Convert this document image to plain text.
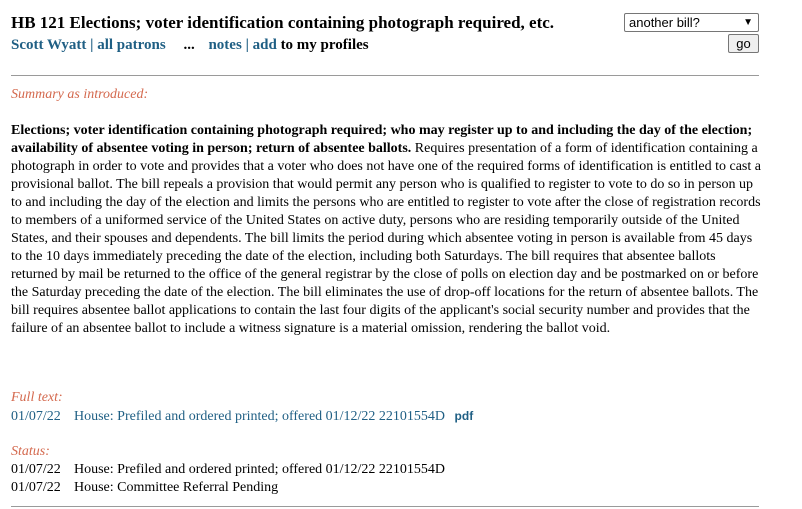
HB 121 Elections; voter identification containing photograph required, etc.
Scott Wyatt | all patrons ... notes | add to my profiles
another bill?	▼
go

Summary as introduced:

Elections; voter identification containing photograph required; who may register up to and including the day of the election; availability of absentee voting in person; return of absentee ballots. Requires presentation of a form of identification containing a photograph in order to vote and provides that a voter who does not have one of the required forms of identification is entitled to cast a provisional ballot. The bill repeals a provision that would permit any person who is qualified to register to vote to do so in person up to and including the day of the election and limits the persons who are entitled to register to vote after the close of registration records to members of a uniformed service of the United States on active duty, persons who are residing temporarily outside of the United States, and their spouses and dependents. The bill limits the period during which absentee voting in person is available from 45 days to the 10 days immediately preceding the date of the election, including both Saturdays. The bill requires that absentee ballots returned by mail be returned to the office of the general registrar by the close of polls on election day and be postmarked on or before the Saturday preceding the date of the election. The bill eliminates the use of drop-off locations for the return of absentee ballots. The bill requires absentee ballot applications to contain the last four digits of the applicant's social security number and provides that the failure of an absentee ballot to include a witness signature is a material omission, rendering the ballot void.

Full text:

01/07/22 House: Prefiled and ordered printed; offered 01/12/22 22101554D pdf

Status:

01/07/22 House: Prefiled and ordered printed; offered 01/12/22 22101554D
01/07/22 House: Committee Referral Pending
